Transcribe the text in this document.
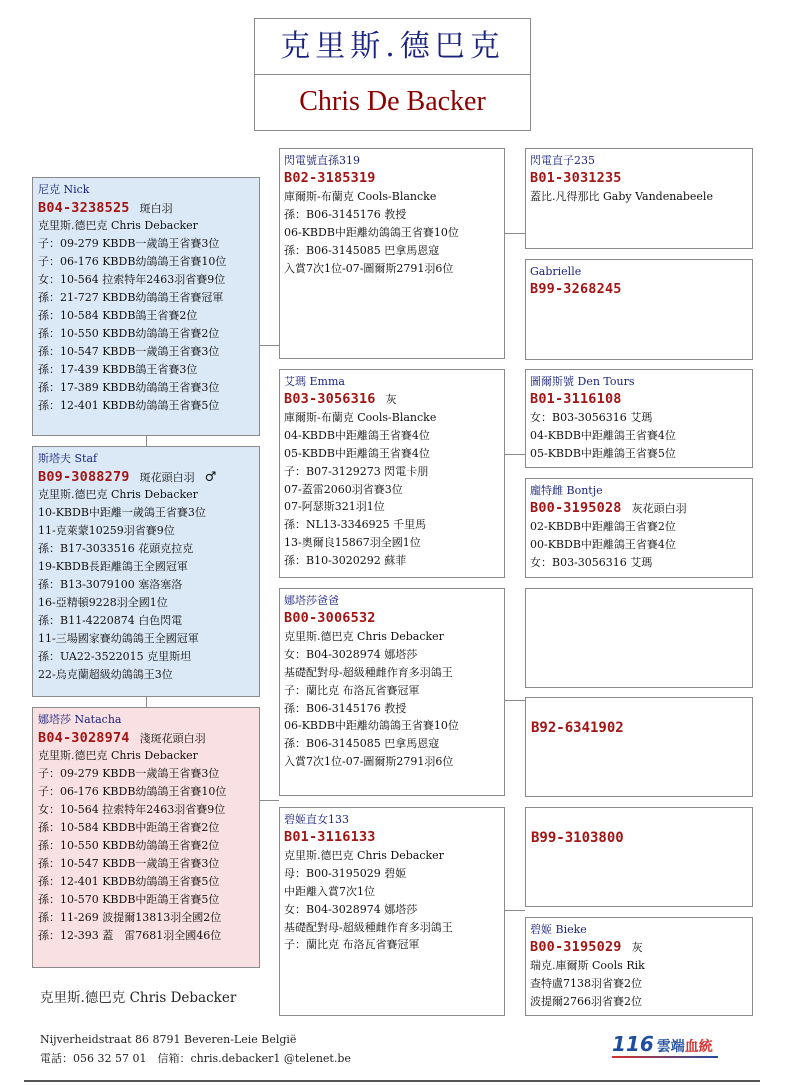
克里斯.德巴克
Chris De Backer
尼克 Nick
B04-3238525 斑白羽
克里斯.德巴克 Chris Debacker
子：09-279 KBDB一歲鴿王省賽3位
子：06-176 KBDB幼鴿鴿王省賽10位
女：10-564 拉索特年2463羽省賽9位
孫：21-727 KBDB幼鴿鴿王省賽冠軍
孫：10-584 KBDB鴿王省賽2位
孫：10-550 KBDB幼鴿鴿王省賽2位
孫：10-547 KBDB一歲鴿王省賽3位
孫：17-439 KBDB鴿王省賽3位
孫：17-389 KBDB幼鴿鴿王省賽3位
孫：12-401 KBDB幼鴿鴿王省賽5位
斯塔夫 Staf
B09-3088279 斑花頭白羽 ♂
克里斯.德巴克 Chris Debacker
10-KBDB中距離一歲鴿王省賽3位
11-克萊蒙10259羽省賽9位
孫：B17-3033516 花頭克拉克
19-KBDB長距離鴿王全國冠軍
孫：B13-3079100 塞洛塞洛
16-亞精頓9228羽全國1位
孫：B11-4220874 白色閃電
11-三場國家賽幼鴿鴿王全國冠軍
孫：UA22-3522015 克里斯坦
22-烏克蘭超級幼鴿鴿王3位
娜塔莎 Natacha
B04-3028974 淺斑花頭白羽
克里斯.德巴克 Chris Debacker
子：09-279 KBDB一歲鴿王省賽3位
子：06-176 KBDB幼鴿鴿王省賽10位
女：10-564 拉索特年2463羽省賽9位
孫：10-584 KBDB中距鴿王省賽2位
孫：10-550 KBDB幼鴿鴿王省賽2位
孫：10-547 KBDB一歲鴿王省賽3位
孫：12-401 KBDB幼鴿鴿王省賽5位
孫：10-570 KBDB中距鴿王省賽5位
孫：11-269 波提爾13813羽全國2位
孫：12-393 蓋　雷7681羽全國46位
閃電號直孫319
B02-3185319
庫爾斯-布蘭克 Cools-Blancke
孫：B06-3145176 教授
06-KBDB中距離幼鴿鴿王省賽10位
孫：B06-3145085 巴拿馬恩寇
入賞7次1位-07-圖爾斯2791羽6位
艾瑪 Emma
B03-3056316 灰
庫爾斯-布蘭克 Cools-Blancke
04-KBDB中距離鴿王省賽4位
05-KBDB中距離鴿王省賽4位
子：B07-3129273 閃電卡朋
07-蓋雷2060羽省賽3位
07-阿瑟斯321羽1位
孫：NL13-3346925 千里馬
13-奧爾良15867羽全國1位
孫：B10-3020292 蘇菲
娜塔莎爸爸
B00-3006532
克里斯.德巴克 Chris Debacker
女：B04-3028974 娜塔莎
基礎配對母-超級種雌作育多羽鴿王
子：蘭比克 布洛瓦省賽冠軍
孫：B06-3145176 教授
06-KBDB中距離幼鴿鴿王省賽10位
孫：B06-3145085 巴拿馬恩寇
入賞7次1位-07-圖爾斯2791羽6位
碧姬直女133
B01-3116133
克里斯.德巴克 Chris Debacker
母：B00-3195029 碧姬
中距離入賞7次1位
女：B04-3028974 娜塔莎
基礎配對母-超級種雌作育多羽鴿王
子：蘭比克 布洛瓦省賽冠軍
閃電直子235
B01-3031235
蓋比.凡得那比 Gaby Vandenabeele
Gabrielle
B99-3268245
圖爾斯號 Den Tours
B01-3116108
女：B03-3056316 艾瑪
04-KBDB中距離鴿王省賽4位
05-KBDB中距離鴿王省賽5位
龐特雌 Bontje
B00-3195028 灰花頭白羽
02-KBDB中距離鴿王省賽2位
00-KBDB中距離鴿王省賽4位
女：B03-3056316 艾瑪
B92-6341902
B99-3103800
碧姬 Bieke
B00-3195029 灰
瑞克.庫爾斯 Cools Rik
查特盧7138羽省賽2位
波提爾2766羽省賽2位
克里斯.德巴克 Chris Debacker
Nijverheidstraat 86 8791 Beveren-Leie België
電話：056 32 57 01　信箱：chris.debacker1 @telenet.be
116 雲端血統
